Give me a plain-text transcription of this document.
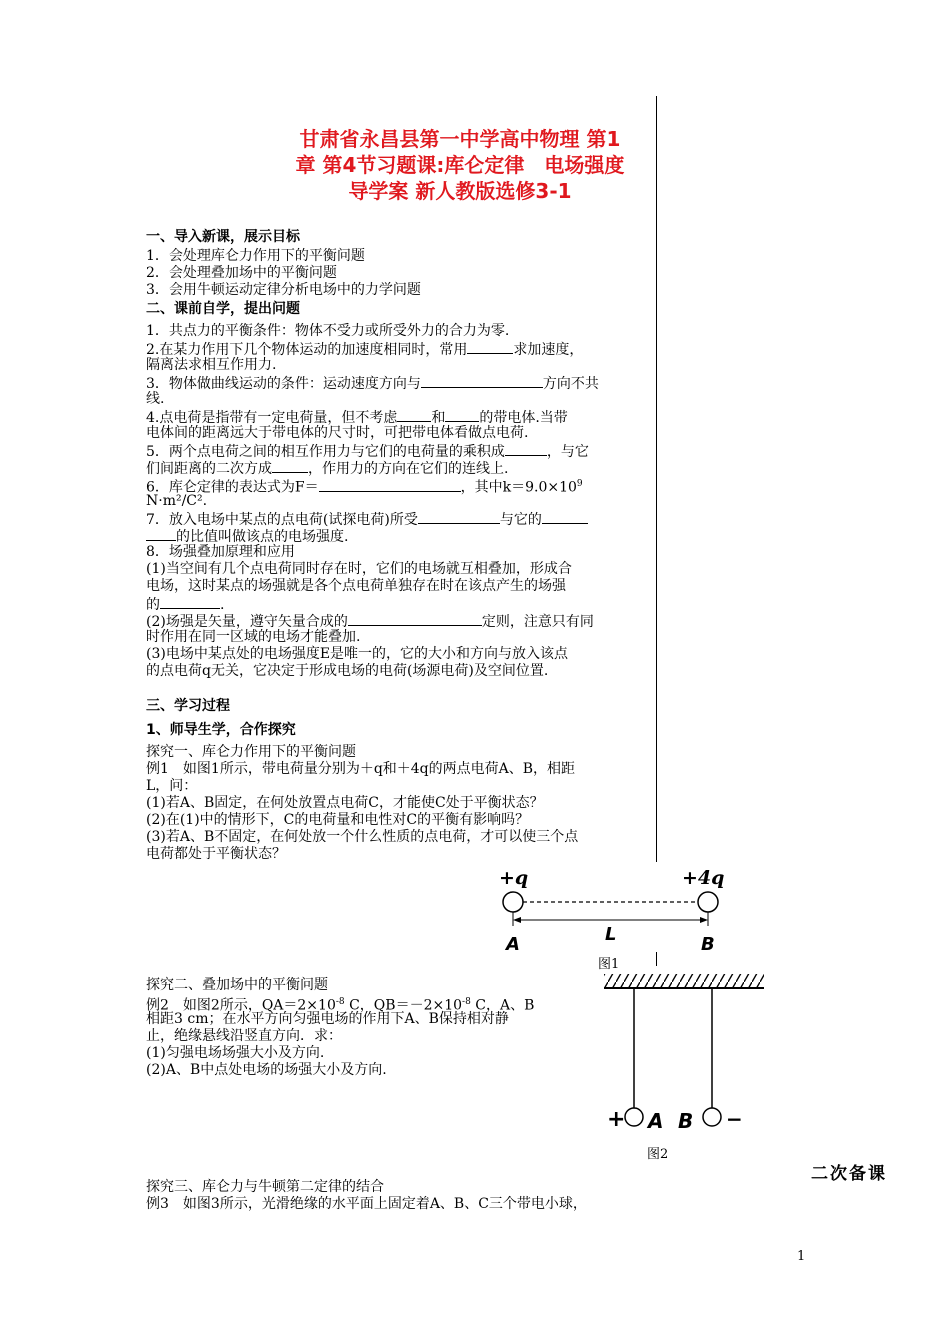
甘肃省永昌县第一中学高中物理 第1
章 第4节习题课:库仑定律　电场强度
导学案 新人教版选修3-1
一、导入新课，展示目标
1．会处理库仑力作用下的平衡问题
2．会处理叠加场中的平衡问题
3．会用牛顿运动定律分析电场中的力学问题
二、课前自学，提出问题
1．共点力的平衡条件：物体不受力或所受外力的合力为零.
2.在某力作用下几个物体运动的加速度相同时，常用	求加速度，
隔离法求相互作用力.
3．物体做曲线运动的条件：运动速度方向与	方向不共
线.
4.点电荷是指带有一定电荷量，但不考虑 和 的带电体.当带
电体间的距离远大于带电体的尺寸时，可把带电体看做点电荷.
5．两个点电荷之间的相互作用力与它们的电荷量的乘积成	，与它
们间距离的二次方成	，作用力的方向在它们的连线上.
6．库仑定律的表达式为F＝	，其中$k=9.0\times 10^9$
N·m²/C².
7．放入电场中某点的点电荷(试探电荷)所受	与它的
的比值叫做该点的电场强度.
8．场强叠加原理和应用
(1)当空间有几个点电荷同时存在时，它们的电场就互相叠加，形成合
电场，这时某点的场强就是各个点电荷单独存在时在该点产生的场强
的	.
(2)场强是矢量，遵守矢量合成的	定则，注意只有同
时作用在同一区域的电场才能叠加.
(3)电场中某点处的电场强度E是唯一的，它的大小和方向与放入该点
的点电荷q无关，它决定于形成电场的电荷(场源电荷)及空间位置.
三、学习过程
1、师导生学，合作探究
探究一、库仑力作用下的平衡问题
例1　如图1所示，带电荷量分别为＋q和＋4q的两点电荷A、B，相距
L，问：
(1)若A、B固定，在何处放置点电荷C，才能使C处于平衡状态？
(2)在(1)中的情形下，C的电荷量和电性对C的平衡有影响吗？
(3)若A、B不固定，在何处放一个什么性质的点电荷，才可以使三个点
电荷都处于平衡状态？
+q	+4q
A	L	B
图1
探究二、叠加场中的平衡问题
例2　如图2所示，$QA=2\times 10^{-8}$ C，$QB=-2\times 10^{-8}$ C，A、B
相距3 cm；在水平方向匀强电场的作用下A、B保持相对静
止，绝缘悬线沿竖直方向．求：
(1)匀强电场场强大小及方向.
(2)A、B中点处电场的场强大小及方向.
+ A B −
图2
二次备课
探究三、库仑力与牛顿第二定律的结合
例3　如图3所示，光滑绝缘的水平面上固定着A、B、C三个带电小球，
1
